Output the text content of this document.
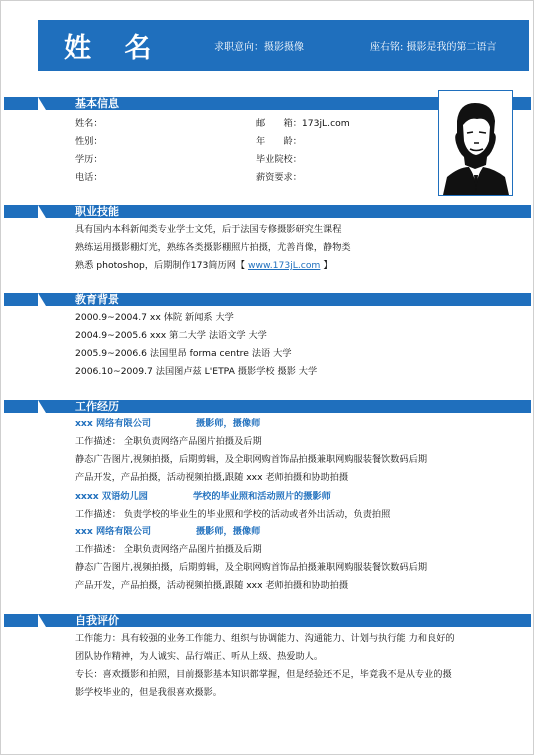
姓 名	求职意向：摄影摄像	座右铭: 摄影是我的第二语言
基本信息
姓名：
性别：
学历：
电话：
邮　　箱：173jL.com
年　　龄：
毕业院校：
薪资要求：
职业技能
具有国内本科新闻类专业学士文凭，后于法国专修摄影研究生课程
熟练运用摄影棚灯光，熟练各类摄影棚照片拍摄，尤善肖像，静物类
熟悉 photoshop，后期制作173简历网【 www.173jL.com 】
教育背景
2000.9~2004.7 xx 体院 新闻系 大学
2004.9~2005.6 xxx 第二大学 法语文学 大学
2005.9~2006.6 法国里昂 forma centre 法语 大学
2006.10~2009.7 法国图卢兹 L'ETPA 摄影学校 摄影 大学
工作经历
xxx 网络有限公司	摄影师，摄像师
工作描述： 全职负责网络产品图片拍摄及后期
静态广告图片,视频拍摄，后期剪辑，及全职网购首饰品拍摄兼职网购服装餐饮数码后期
产品开发，产品拍摄，活动视频拍摄,跟随 xxx 老师拍摄和协助拍摄
xxxx 双语幼儿园	学校的毕业照和活动照片的摄影师
工作描述： 负责学校的毕业生的毕业照和学校的活动或者外出活动，负责拍照
xxx 网络有限公司	摄影师，摄像师
工作描述： 全职负责网络产品图片拍摄及后期
静态广告图片,视频拍摄，后期剪辑，及全职网购首饰品拍摄兼职网购服装餐饮数码后期
产品开发，产品拍摄，活动视频拍摄,跟随 xxx 老师拍摄和协助拍摄
自我评价
工作能力：具有较强的业务工作能力、组织与协调能力、沟通能力、计划与执行能 力和良好的
团队协作精神，为人诚实、品行端正、听从上级、热爱助人。
专长：喜欢摄影和拍照，目前摄影基本知识都掌握，但是经验还不足，毕竟我不是从专业的摄
影学校毕业的，但是我很喜欢摄影。
